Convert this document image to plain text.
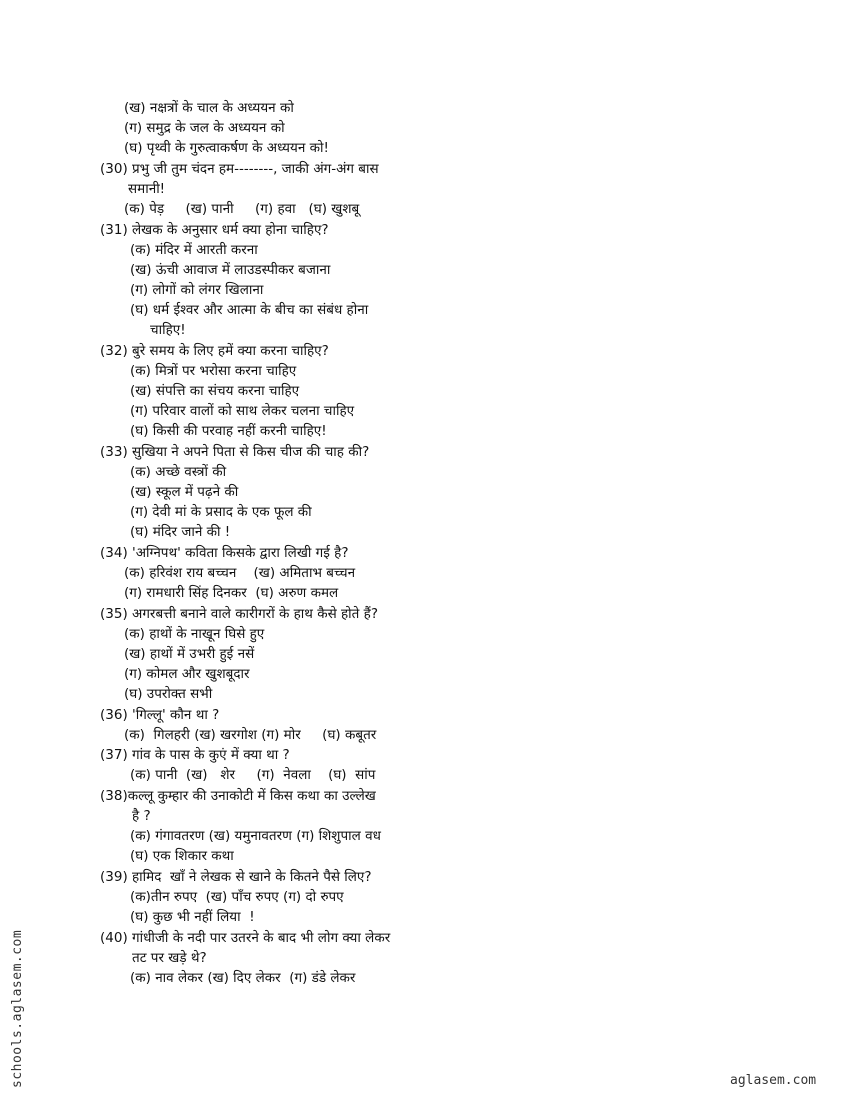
(ख) नक्षत्रों के चाल के अध्ययन को
(ग) समुद्र के जल के अध्ययन को
(घ) पृथ्वी के गुरुत्वाकर्षण के अध्ययन को!
(30) प्रभु जी तुम चंदन हम--------, जाकी अंग-अंग बास
समानी!
(क) पेड़     (ख) पानी     (ग) हवा   (घ) खुशबू
(31) लेखक के अनुसार धर्म क्या होना चाहिए?
(क) मंदिर में आरती करना
(ख) ऊंची आवाज में लाउडस्पीकर बजाना
(ग) लोगों को लंगर खिलाना
(घ) धर्म ईश्वर और आत्मा के बीच का संबंध होना
चाहिए!
(32) बुरे समय के लिए हमें क्या करना चाहिए?
(क) मित्रों पर भरोसा करना चाहिए
(ख) संपत्ति का संचय करना चाहिए
(ग) परिवार वालों को साथ लेकर चलना चाहिए
(घ) किसी की परवाह नहीं करनी चाहिए!
(33) सुखिया ने अपने पिता से किस चीज की चाह की?
(क) अच्छे वस्त्रों की
(ख) स्कूल में पढ़ने की
(ग) देवी मां के प्रसाद के एक फूल की
(घ) मंदिर जाने की !
(34) 'अग्निपथ' कविता किसके द्वारा लिखी गई है?
(क) हरिवंश राय बच्चन    (ख) अमिताभ बच्चन
(ग) रामधारी सिंह दिनकर  (घ) अरुण कमल
(35) अगरबत्ती बनाने वाले कारीगरों के हाथ कैसे होते हैं?
(क) हाथों के नाखून घिसे हुए
(ख) हाथों में उभरी हुई नसें
(ग) कोमल और खुशबूदार
(घ) उपरोक्त सभी
(36) 'गिल्लू' कौन था ?
(क)  गिलहरी (ख) खरगोश (ग) मोर     (घ) कबूतर
(37) गांव के पास के कुएं में क्या था ?
(क) पानी  (ख)   शेर     (ग)  नेवला    (घ)  सांप
(38)कल्लू कुम्हार की उनाकोटी में किस कथा का उल्लेख
है ?
(क) गंगावतरण (ख) यमुनावतरण (ग) शिशुपाल वध
(घ) एक शिकार कथा
(39) हामिद  खाँ ने लेखक से खाने के कितने पैसे लिए?
(क)तीन रुपए  (ख) पाँच रुपए (ग) दो रुपए
(घ) कुछ भी नहीं लिया  !
(40) गांधीजी के नदी पार उतरने के बाद भी लोग क्या लेकर
तट पर खड़े थे?
(क) नाव लेकर (ख) दिए लेकर  (ग) डंडे लेकर
schools.aglasem.com	aglasem.com
